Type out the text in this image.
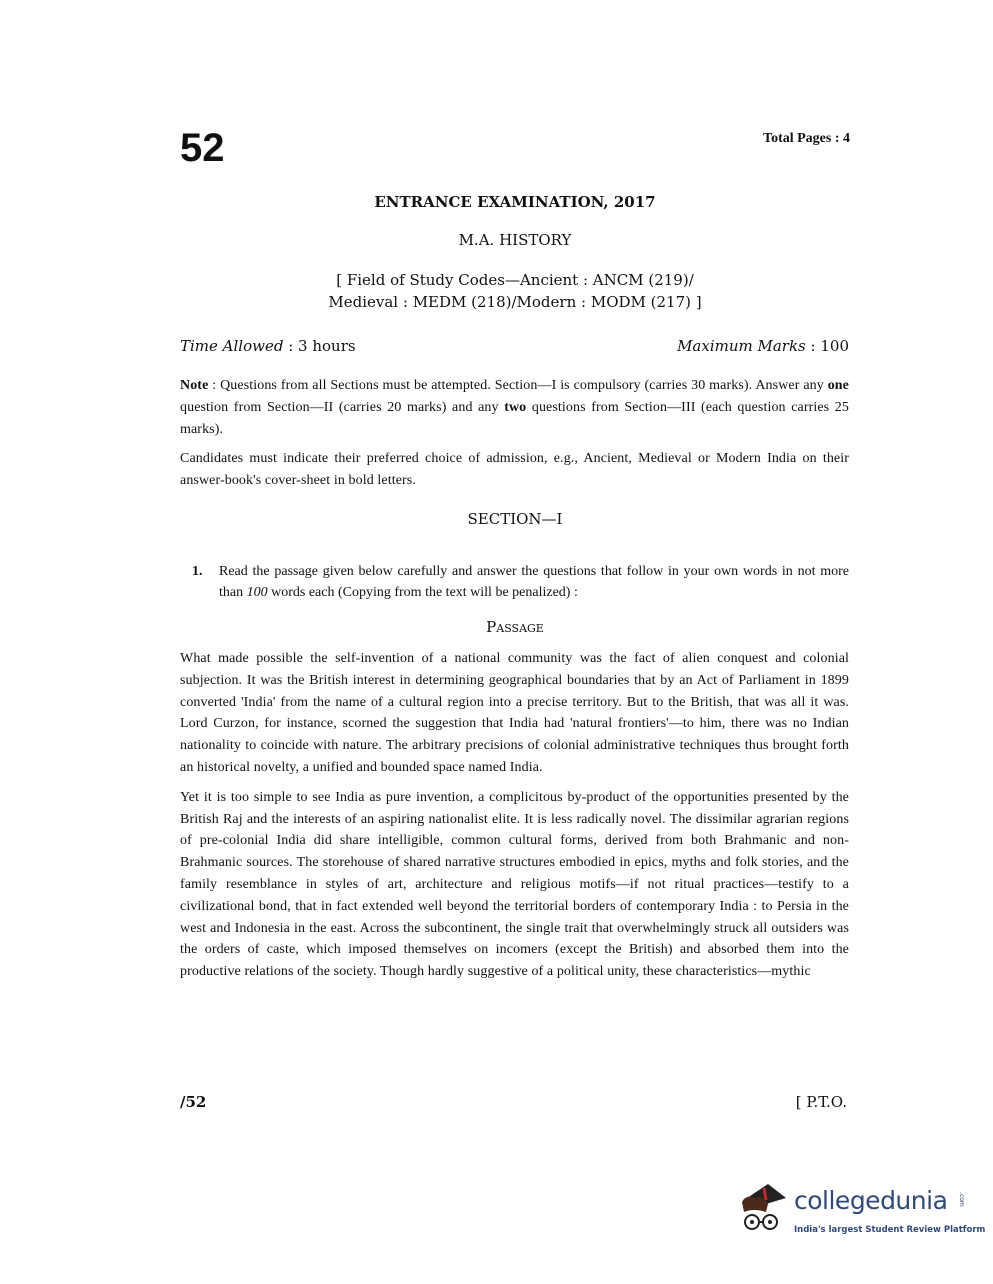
52	Total Pages : 4
ENTRANCE EXAMINATION, 2017
M.A. HISTORY
[ Field of Study Codes—Ancient : ANCM (219)/
Medieval : MEDM (218)/Modern : MODM (217) ]
Time Allowed : 3 hours	Maximum Marks : 100

Note : Questions from all Sections must be attempted. Section—I is compulsory (carries 30 marks). Answer any one question from Section—II (carries 20 marks) and any two questions from Section—III (each question carries 25 marks).

Candidates must indicate their preferred choice of admission, e.g., Ancient, Medieval or Modern India on their answer-book's cover-sheet in bold letters.

SECTION—I
1. Read the passage given below carefully and answer the questions that follow in your own words in not more than 100 words each (Copying from the text will be penalized) :
Passage

What made possible the self-invention of a national community was the fact of alien conquest and colonial subjection. It was the British interest in determining geographical boundaries that by an Act of Parliament in 1899 converted 'India' from the name of a cultural region into a precise territory. But to the British, that was all it was. Lord Curzon, for instance, scorned the suggestion that India had 'natural frontiers'—to him, there was no Indian nationality to coincide with nature. The arbitrary precisions of colonial administrative techniques thus brought forth an historical novelty, a unified and bounded space named India.

Yet it is too simple to see India as pure invention, a complicitous by-product of the opportunities presented by the British Raj and the interests of an aspiring nationalist elite. It is less radically novel. The dissimilar agrarian regions of pre-colonial India did share intelligible, common cultural forms, derived from both Brahmanic and non-Brahmanic sources. The storehouse of shared narrative structures embodied in epics, myths and folk stories, and the family resemblance in styles of art, architecture and religious motifs—if not ritual practices—testify to a civilizational bond, that in fact extended well beyond the territorial borders of contemporary India : to Persia in the west and Indonesia in the east. Across the subcontinent, the single trait that overwhelmingly struck all outsiders was the orders of caste, which imposed themselves on incomers (except the British) and absorbed them into the productive relations of the society. Though hardly suggestive of a political unity, these characteristics—mythic

/52	[ P.T.O.
collegedunia
India's largest Student Review Platform
.com
